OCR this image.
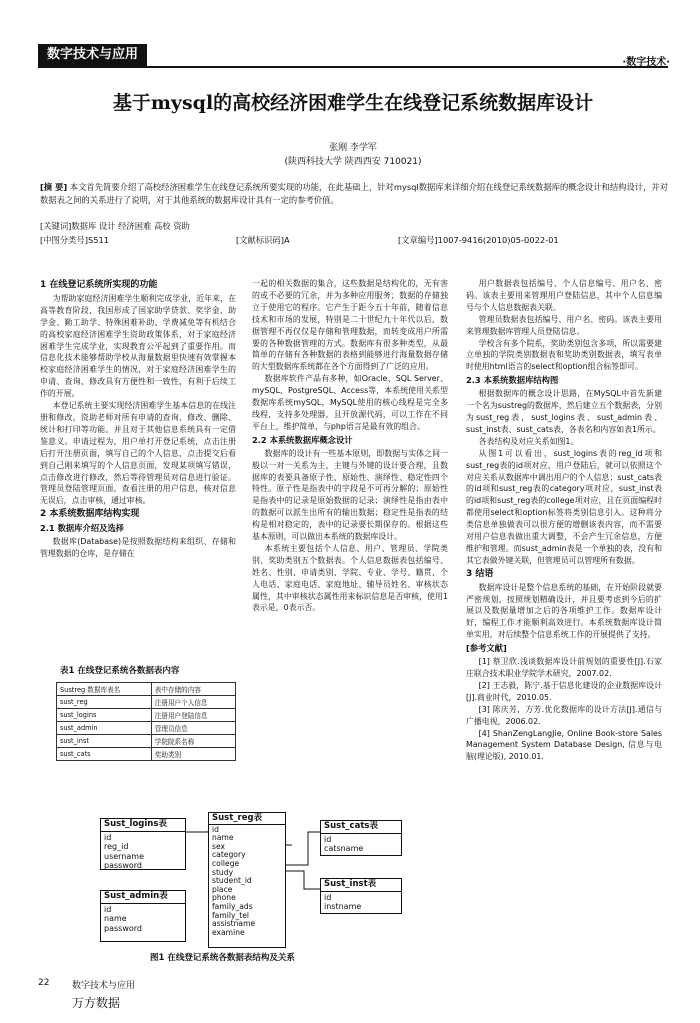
数字技术与应用
·数字技术·
基于mysql的高校经济困难学生在线登记系统数据库设计
张刚 李学军
(陕西科技大学 陕西西安 710021)
[摘 要] 本文首先简要介绍了高校经济困难学生在线登记系统所要实现的功能，在此基础上，针对mysql数据库来详细介绍在线登记系统数据库的概念设计和结构设计，并对数据表之间的关系进行了说明，对于其他系统的数据库设计具有一定的参考价值。
[关键词]数据库 设计 经济困难 高校 资助
[中图分类号]S511	[文献标识码]A	[文章编号]1007-9416(2010)05-0022-01
1 在线登记系统所实现的功能

为帮助家庭经济困难学生顺利完成学业，近年来，在高等教育阶段，我国形成了国家助学贷款、奖学金、助学金、勤工助学、特殊困难补助、学费减免等有机结合的高校家庭经济困难学生资助政策体系，对于家庭经济困难学生完成学业，实现教育公平起到了重要作用。而信息化技术能够帮助学校从海量数据里快速有效掌握本校家庭经济困难学生的情况，对于家庭经济困难学生的申请、查询、修改具有方便性和一致性，有利于后续工作的开展。

本登记系统主要实现经济困难学生基本信息的在线注册和修改，资助老师对所有申请的查询、修改、删除、统计和打印等功能。并且对于其他信息系统具有一定借鉴意义。申请过程为，用户单打开登记系统，点击注册后打开注册页面，填写自己的个人信息，点击提交后看到自己刚来填写的个人信息页面，发现某项填写错误，点击修改进行修改，然后等待管理员对信息进行验证。管理员登陆管理页面，查看注册的用户信息，核对信息无误后，点击审核，通过审核。

2 本系统数据库结构实现
2.1 数据库介绍及选择

数据库(Database)是按照数据结构来组织、存储和管理数据的仓库，是存储在

表1 在线登记系统各数据表内容
Sustreg 数据库表名	表中存储的内容
sust_reg	注册用户个人信息
sust_logins	注册用户登陆信息
sust_admin	管理员信息
sust_inst	学院院系名称
sust_cats	奖助类别

一起的相关数据的集合，这些数据是结构化的，无有害的或不必要的冗余，并为多种应用服务；数据的存储独立于使用它的程序。它产生于距今五十年前，随着信息技术和市场的发展，特别是二十世纪九十年代以后，数据管理不再仅仅是存储和管理数据，而转变成用户所需要的各种数据管理的方式。数据库有很多种类型，从最简单的存储有各种数据的表格到能够进行海量数据存储的大型数据库系统都在各个方面得到了广泛的应用。

数据库软件产品有多种，如Oracle、SQL Server、mySQL、PostgreSQL、Access等，本系统使用关系型数据库系统mySQL，MySQL使用的核心线程是完全多线程，支持多处理器，且开放源代码，可以工作在不同平台上，维护简单，与php语言是最有效的组合。

2.2 本系统数据库概念设计

数据库的设计有一些基本原则，即数据与实体之间一般以一对一关系为主，主键与外键的设计要合理，且数据库的表要具备原子性、原始性、演绎性、稳定性四个特性。原子性是指表中的字段是不可再分解的；原始性是指表中的记录是原始数据的记录；演绎性是指由表中的数据可以派生出所有的输出数据；稳定性是指表的结构是相对稳定的，表中的记录要长期保存的。根据这些基本原则，可以做出本系统的数据库设计。

本系统主要包括个人信息、用户、管理员、学院类别、奖助类别五个数据表。个人信息数据表包括编号、姓名、性别、申请类别、学院、专业、学号、籍贯、个人电话、家庭电话、家庭地址、辅导员姓名、审核状态属性，其中审核状态属性用来标识信息是否审核，使用1表示是，0表示否。

用户数据表包括编号、个人信息编号、用户名、密码。该表主要用来管理用户登陆信息，其中个人信息编号与个人信息数据表关联。

管理员数据表包括编号、用户名、密码。该表主要用来管理数据库管理人员登陆信息。

学校含有多个院系，奖助类别包含多项，所以需要建立单独的学院类别数据表和奖助类别数据表，填写表单时使用html语言的select和option组合标签即可。

2.3 本系统数据库结构图

根据数据库的概念设计思路，在MySQL中首先新建一个名为sustreg的数据库，然后建立五个数据表，分别为sust_reg表，sust_logins表、sust_admin表、sust_inst表、sust_cats表，各表名和内容如表1所示。

各表结构及对应关系如图1。

从图1可以看出，sust_logins表的reg_id项和sust_reg表的id项对应，用户登陆后，就可以依照这个对应关系从数据库中调出用户的个人信息；sust_cats表的id项和sust_reg表的category项对应，sust_inst表的id项和sust_reg表的college项对应，且在页面编程时都使用select和option标签将类别信息引入。这种将分类信息单独做表可以很方便的增删该表内容，而不需要对用户信息表做出重大调整，不会产生冗余信息，方便维护和管理。而sust_admin表是一个单独的表，没有和其它表做外键关联，但管理员可以管理所有数据。

3 结语

数据库设计是整个信息系统的基础，在开始阶段就要严密规划，按照规划精确设计，并且要考虑到今后的扩展以及数据量增加之后的各项维护工作。数据库设计好，编程工作才能顺利高效进行。本系统数据库设计简单实用，对后续整个信息系统工作的开展提供了支持。

[参考文献]

[1] 蔡卫欣.浅谈数据库设计前规划的重要性[J].石家庄联合技术职业学院学术研究，2007.02.

[2] 王志毅，陈宁.基于信息化建设的企业数据库设计[J].商业时代，2010.05.

[3] 陈庆芳，方芳.优化数据库的设计方法[J].通信与广播电视，2006.02.

[4] ShanZengLangJie, Online Book-store Sales Management System Database Design, 信息与电脑(理论版), 2010.01.

Sust_logins表
id
reg_id
username
password
Sust_admin表
id
name
password
Sust_reg表
id
name
sex
category
college
study
student_id
place
phone
family_ads
family_tel
assistname
examine
Sust_cats表
id
catsname
Sust_inst表
id
instname
图1 在线登记系统各数据表结构及关系
22	数字技术与应用
万方数据
